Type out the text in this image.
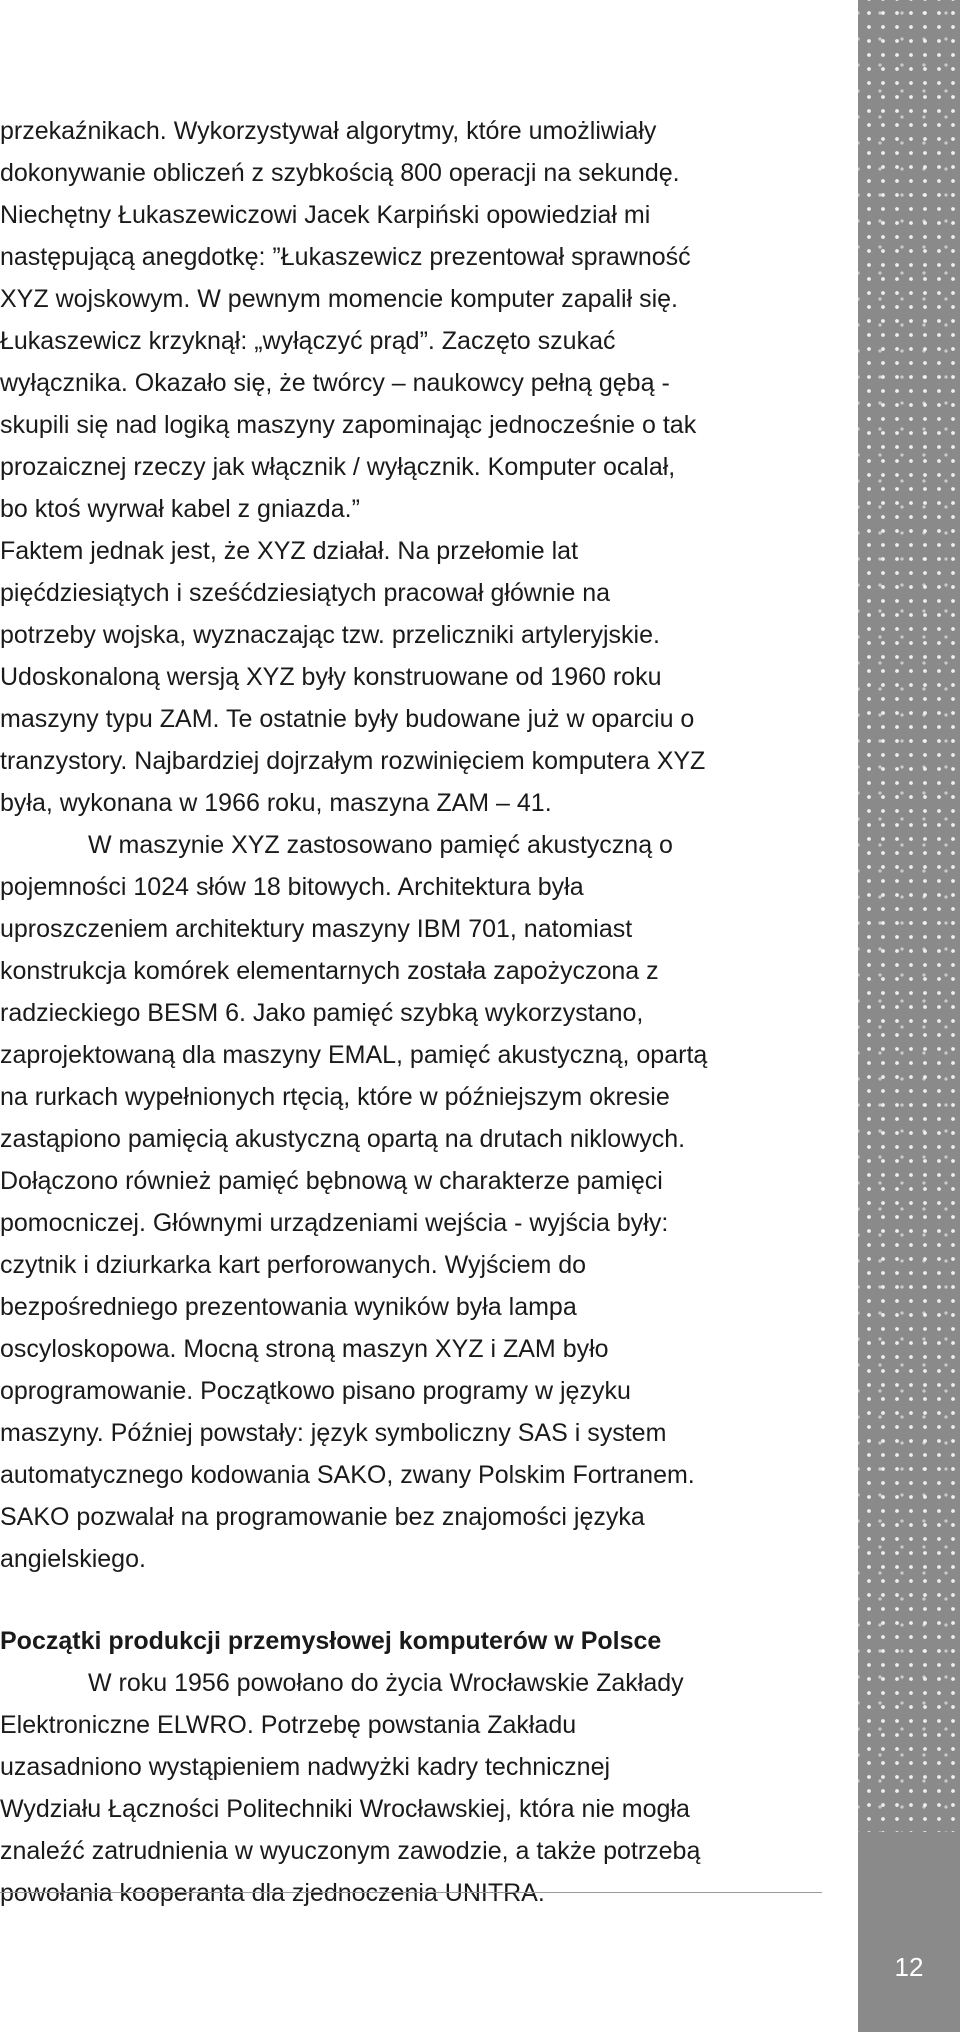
przekaźnikach. Wykorzystywał algorytmy, które umożliwiały
dokonywanie obliczeń z szybkością 800 operacji na sekundę.
Niechętny Łukaszewiczowi Jacek Karpiński opowiedział mi
następującą anegdotkę: ”Łukaszewicz prezentował sprawność
XYZ wojskowym. W pewnym momencie komputer zapalił się.
Łukaszewicz krzyknął: „wyłączyć prąd”. Zaczęto szukać
wyłącznika. Okazało się, że twórcy – naukowcy pełną gębą -
skupili się nad logiką maszyny zapominając jednocześnie o tak
prozaicznej rzeczy jak włącznik / wyłącznik. Komputer ocalał,
bo ktoś wyrwał kabel z gniazda.”
Faktem jednak jest, że XYZ działał. Na przełomie lat
pięćdziesiątych i sześćdziesiątych pracował głównie na
potrzeby wojska, wyznaczając tzw. przeliczniki artyleryjskie.
Udoskonaloną wersją XYZ były konstruowane od 1960 roku
maszyny typu ZAM. Te ostatnie były budowane już w oparciu o
tranzystory. Najbardziej dojrzałym rozwinięciem komputera XYZ
była, wykonana w 1966 roku, maszyna ZAM – 41.
W maszynie XYZ zastosowano pamięć akustyczną o
pojemności 1024 słów 18 bitowych. Architektura była
uproszczeniem architektury maszyny IBM 701, natomiast
konstrukcja komórek elementarnych została zapożyczona z
radzieckiego BESM 6. Jako pamięć szybką wykorzystano,
zaprojektowaną dla maszyny EMAL, pamięć akustyczną, opartą
na rurkach wypełnionych rtęcią, które w późniejszym okresie
zastąpiono pamięcią akustyczną opartą na drutach niklowych.
Dołączono również pamięć bębnową w charakterze pamięci
pomocniczej. Głównymi urządzeniami wejścia - wyjścia były:
czytnik i dziurkarka kart perforowanych. Wyjściem do
bezpośredniego prezentowania wyników była lampa
oscyloskopowa. Mocną stroną maszyn XYZ i ZAM było
oprogramowanie. Początkowo pisano programy w języku
maszyny. Później powstały: język symboliczny SAS i system
automatycznego kodowania SAKO, zwany Polskim Fortranem.
SAKO pozwalał na programowanie bez znajomości języka
angielskiego.
Początki produkcji przemysłowej komputerów w Polsce
W roku 1956 powołano do życia Wrocławskie Zakłady
Elektroniczne ELWRO. Potrzebę powstania Zakładu
uzasadniono wystąpieniem nadwyżki kadry technicznej
Wydziału Łączności Politechniki Wrocławskiej, która nie mogła
znaleźć zatrudnienia w wyuczonym zawodzie, a także potrzebą
powołania kooperanta dla zjednoczenia UNITRA.
12
